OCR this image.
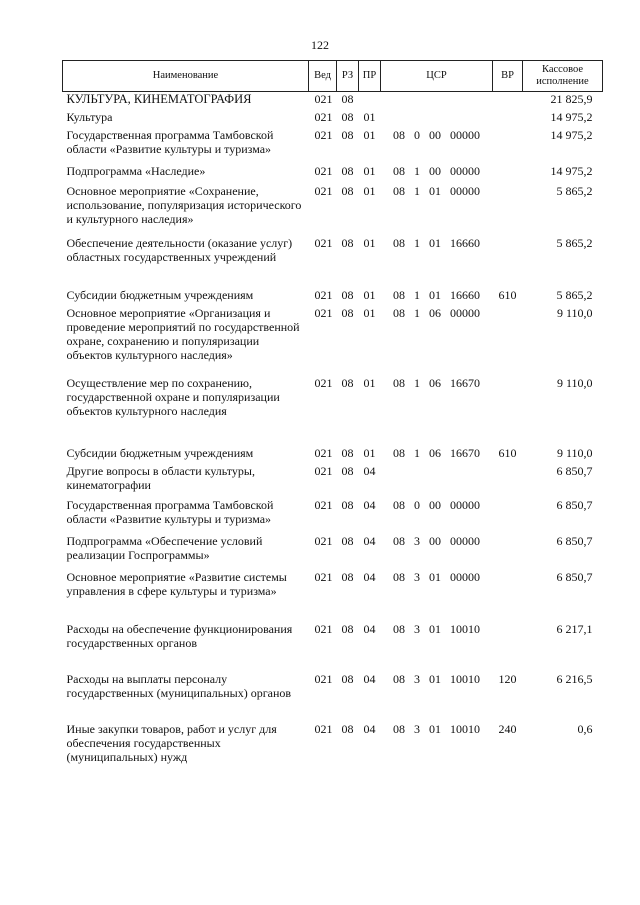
122
Наименование	Вед	РЗ	ПР	ЦСР	ВР	Кассовое исполнение
КУЛЬТУРА, КИНЕМАТОГРАФИЯ	021	08				21 825,9
Культура	021	08	01			14 975,2
Государственная программа Тамбовской области «Развитие культуры и туризма»	021	08	01	08 0 00 00000		14 975,2
Подпрограмма «Наследие»	021	08	01	08 1 00 00000		14 975,2
Основное мероприятие «Сохранение, использование, популяризация исторического и культурного наследия»	021	08	01	08 1 01 00000		5 865,2
Обеспечение деятельности (оказание услуг) областных государственных учреждений	021	08	01	08 1 01 16660		5 865,2
Субсидии бюджетным учреждениям	021	08	01	08 1 01 16660	610	5 865,2
Основное мероприятие «Организация и проведение мероприятий по государственной охране, сохранению и популяризации объектов культурного наследия»	021	08	01	08 1 06 00000		9 110,0
Осуществление мер по сохранению, государственной охране и популяризации объектов культурного наследия	021	08	01	08 1 06 16670		9 110,0
Субсидии бюджетным учреждениям	021	08	01	08 1 06 16670	610	9 110,0
Другие вопросы в области культуры, кинематографии	021	08	04			6 850,7
Государственная программа Тамбовской области «Развитие культуры и туризма»	021	08	04	08 0 00 00000		6 850,7
Подпрограмма «Обеспечение условий реализации Госпрограммы»	021	08	04	08 3 00 00000		6 850,7
Основное мероприятие «Развитие системы управления в сфере культуры и туризма»	021	08	04	08 3 01 00000		6 850,7
Расходы на обеспечение функционирования государственных органов	021	08	04	08 3 01 10010		6 217,1
Расходы на выплаты персоналу государственных (муниципальных) органов	021	08	04	08 3 01 10010	120	6 216,5
Иные закупки товаров, работ и услуг для обеспечения государственных (муниципальных) нужд	021	08	04	08 3 01 10010	240	0,6
